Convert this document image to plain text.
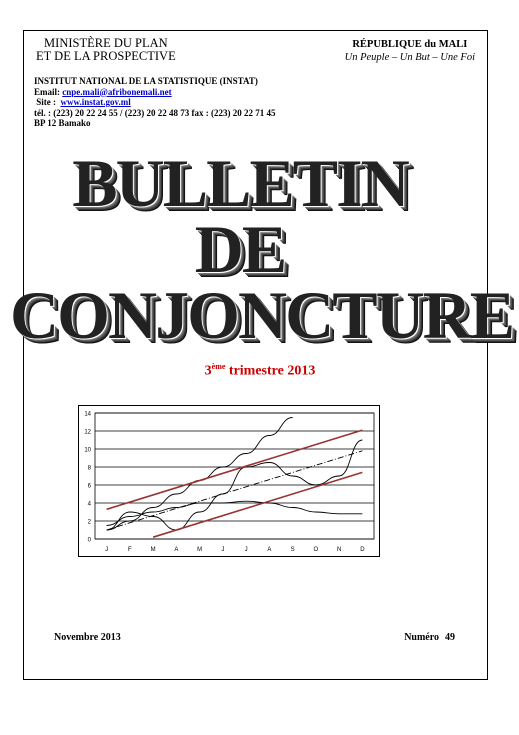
MINISTÈRE DU PLAN
ET DE LA PROSPECTIVE
RÉPUBLIQUE du MALI
Un Peuple – Un But – Une Foi
INSTITUT NATIONAL DE LA STATISTIQUE (INSTAT)
Email: cnpe.mali@afribonemali.net
Site : www.instat.gov.ml
tél. : (223) 20 22 24 55 / (223) 20 22 48 73 fax : (223) 20 22 71 45
BP 12 Bamako
BULLETIN
DE
CONJONCTURE
3ème trimestre 2013
0
2
4
6
8
10
12
14
J	F	M	A	M	J	J	A	S	O	N	D
Novembre 2013	Numéro 49
